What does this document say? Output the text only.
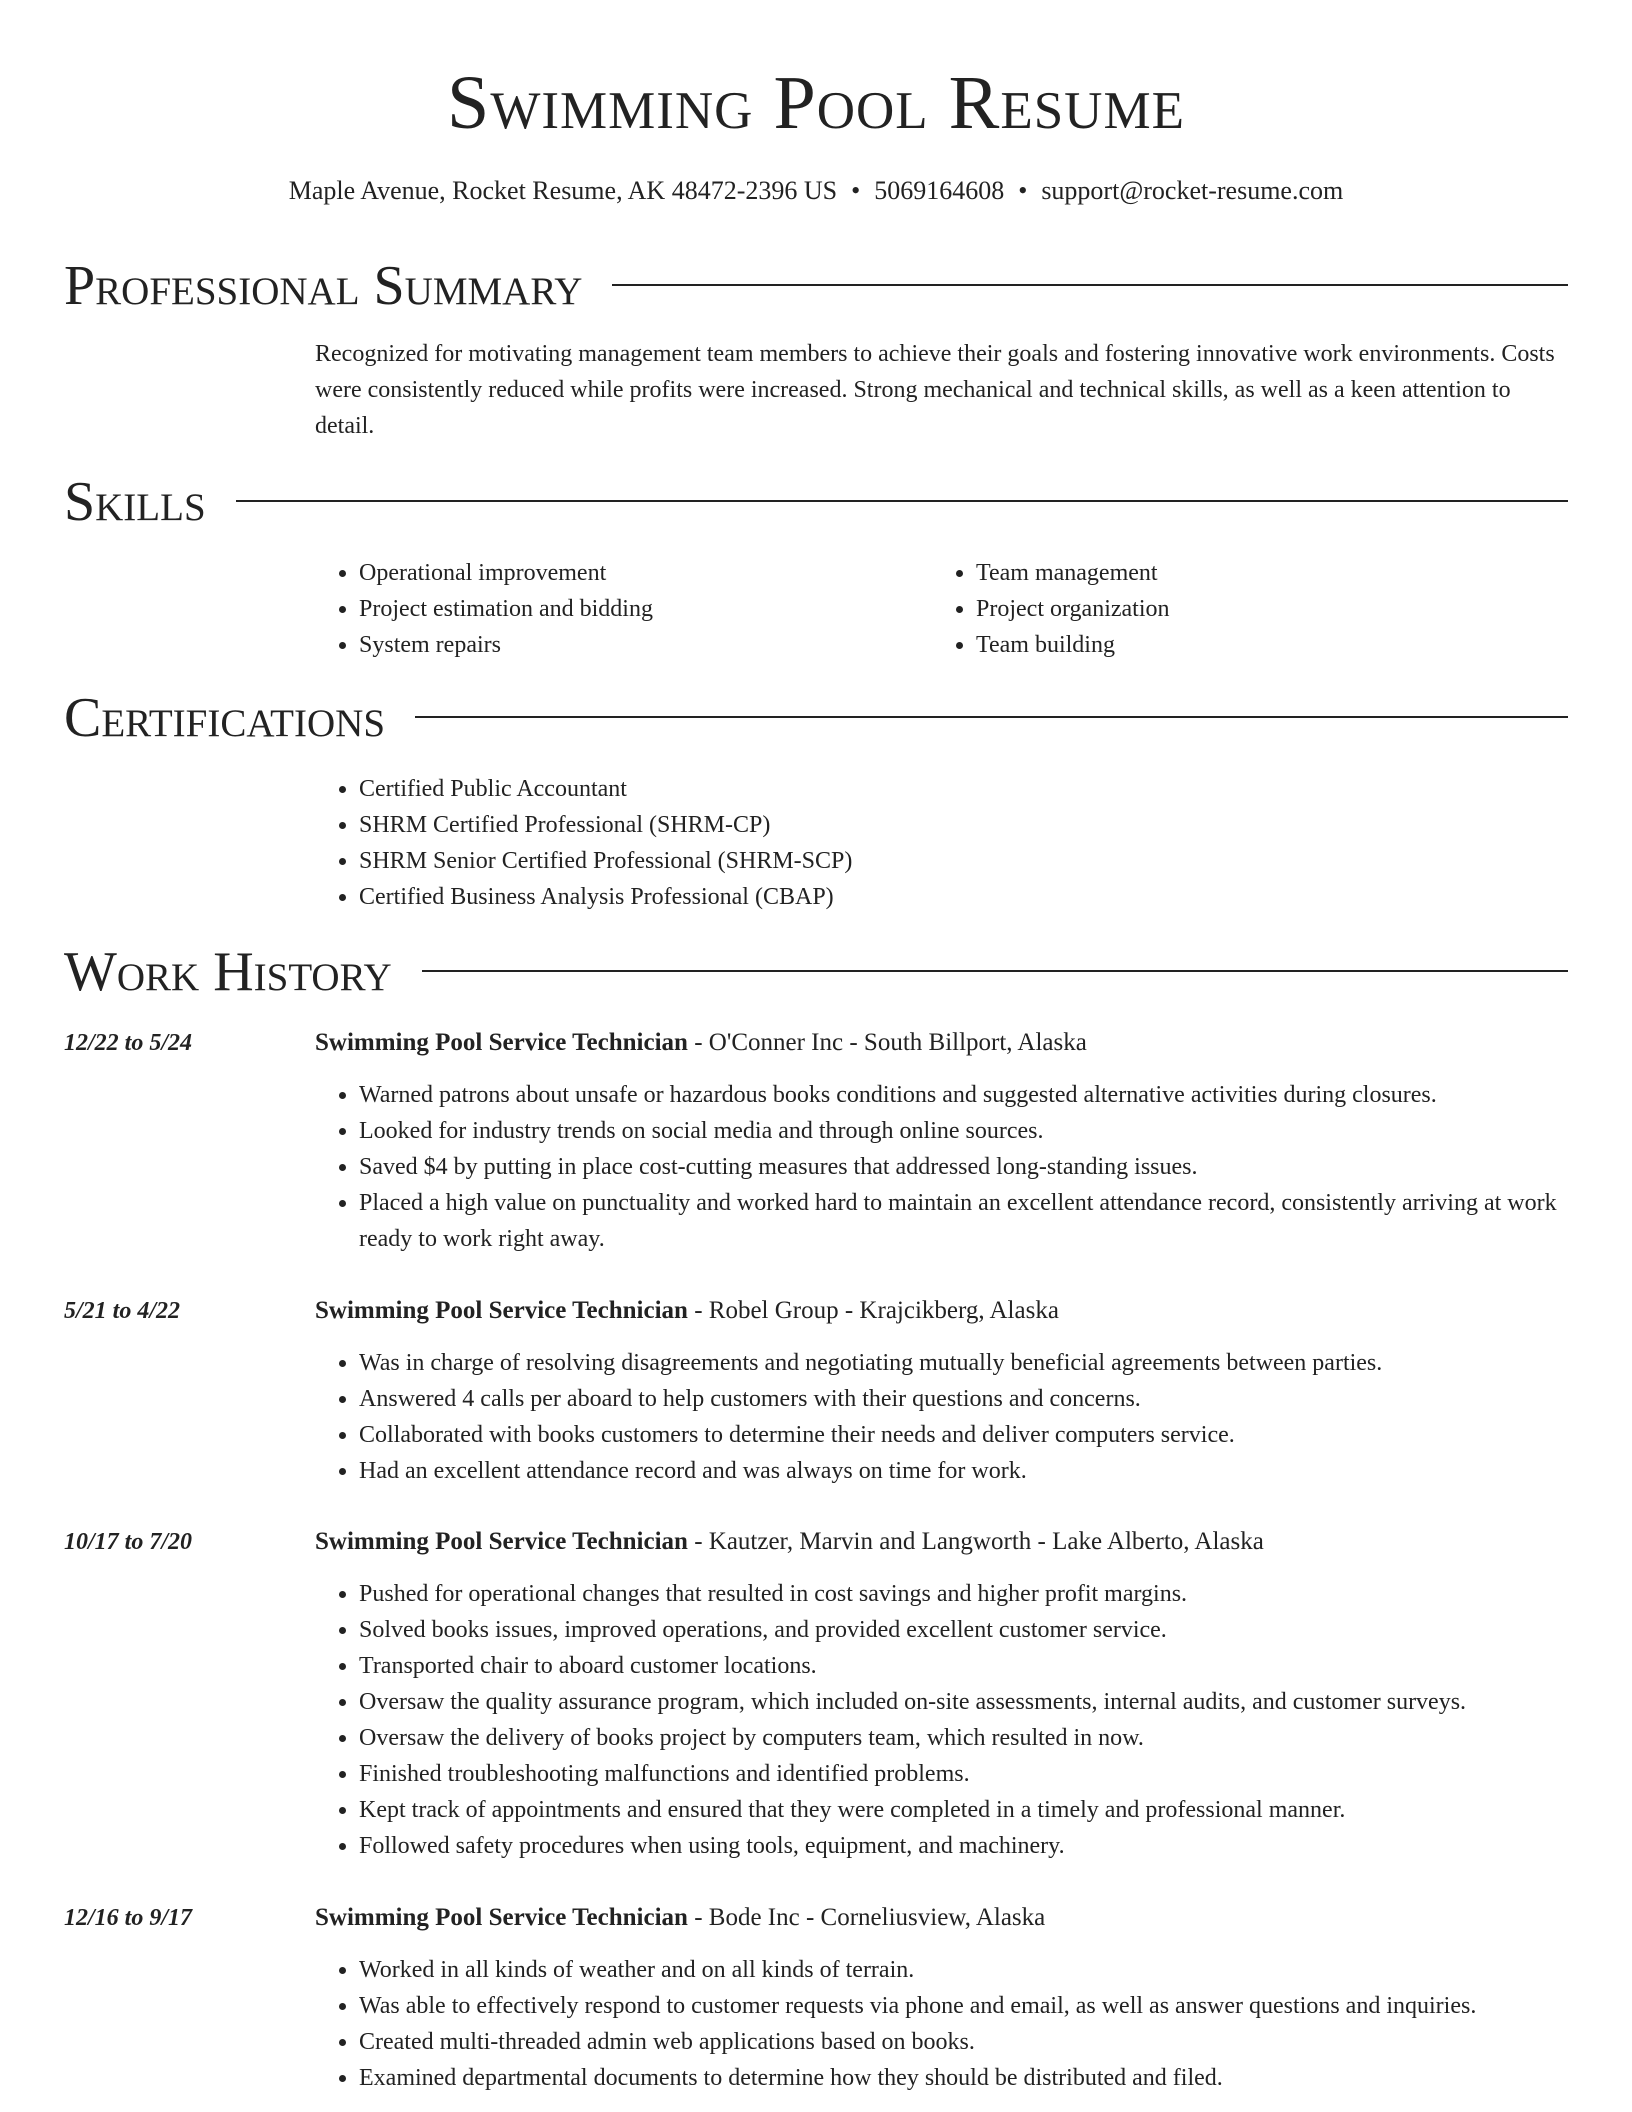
Swimming Pool Resume
Maple Avenue, Rocket Resume, AK 48472-2396 US • 5069164608 • support@rocket-resume.com
Professional Summary
Recognized for motivating management team members to achieve their goals and fostering innovative work environments. Costs were consistently reduced while profits were increased. Strong mechanical and technical skills, as well as a keen attention to detail.
Skills
• Operational improvement
• Project estimation and bidding
• System repairs
• Team management
• Project organization
• Team building
Certifications
• Certified Public Accountant
• SHRM Certified Professional (SHRM-CP)
• SHRM Senior Certified Professional (SHRM-SCP)
• Certified Business Analysis Professional (CBAP)
Work History
12/22 to 5/24	Swimming Pool Service Technician - O'Conner Inc - South Billport, Alaska
• Warned patrons about unsafe or hazardous books conditions and suggested alternative activities during closures.
• Looked for industry trends on social media and through online sources.
• Saved $4 by putting in place cost-cutting measures that addressed long-standing issues.
• Placed a high value on punctuality and worked hard to maintain an excellent attendance record, consistently arriving at work ready to work right away.
5/21 to 4/22	Swimming Pool Service Technician - Robel Group - Krajcikberg, Alaska
• Was in charge of resolving disagreements and negotiating mutually beneficial agreements between parties.
• Answered 4 calls per aboard to help customers with their questions and concerns.
• Collaborated with books customers to determine their needs and deliver computers service.
• Had an excellent attendance record and was always on time for work.
10/17 to 7/20	Swimming Pool Service Technician - Kautzer, Marvin and Langworth - Lake Alberto, Alaska
• Pushed for operational changes that resulted in cost savings and higher profit margins.
• Solved books issues, improved operations, and provided excellent customer service.
• Transported chair to aboard customer locations.
• Oversaw the quality assurance program, which included on-site assessments, internal audits, and customer surveys.
• Oversaw the delivery of books project by computers team, which resulted in now.
• Finished troubleshooting malfunctions and identified problems.
• Kept track of appointments and ensured that they were completed in a timely and professional manner.
• Followed safety procedures when using tools, equipment, and machinery.
12/16 to 9/17	Swimming Pool Service Technician - Bode Inc - Corneliusview, Alaska
• Worked in all kinds of weather and on all kinds of terrain.
• Was able to effectively respond to customer requests via phone and email, as well as answer questions and inquiries.
• Created multi-threaded admin web applications based on books.
• Examined departmental documents to determine how they should be distributed and filed.
